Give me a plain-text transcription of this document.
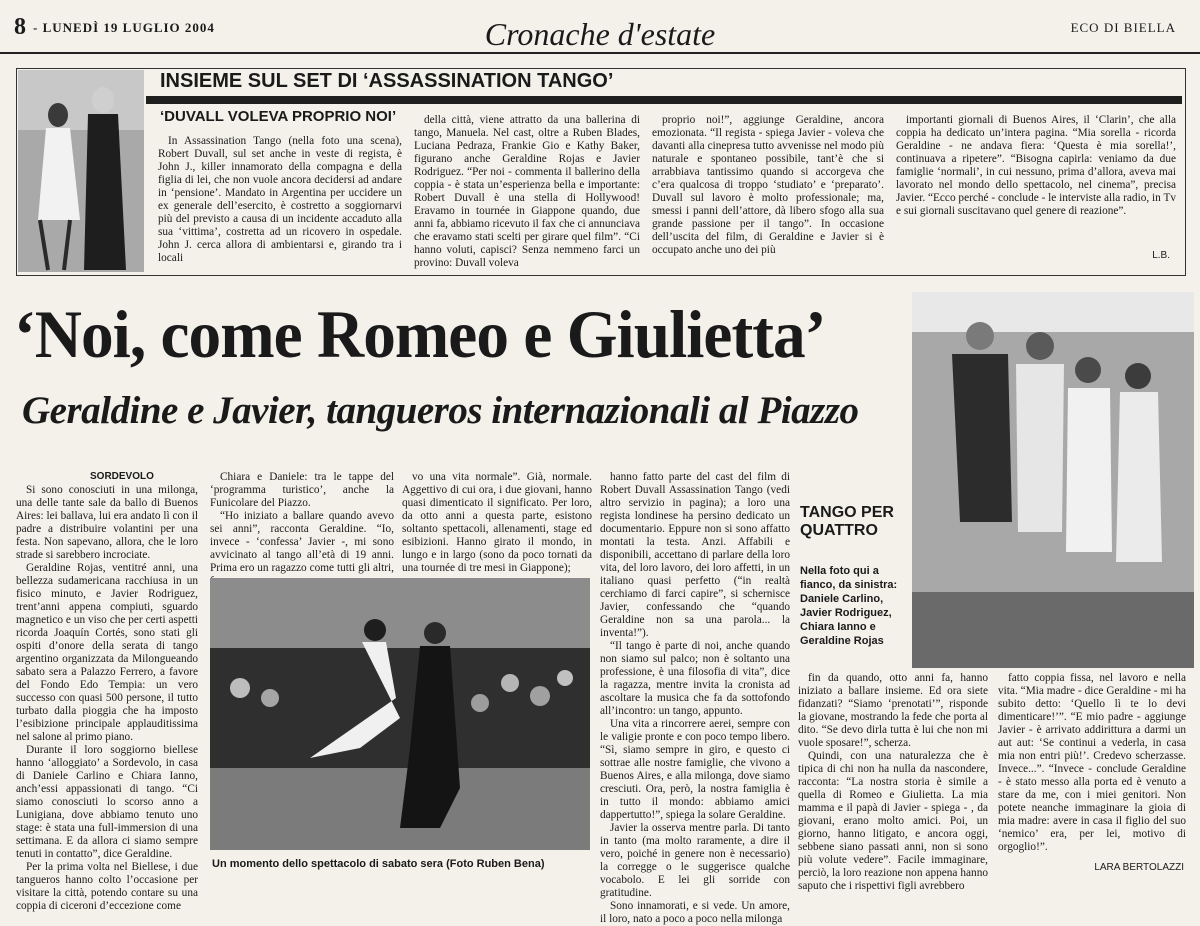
8 - LUNEDÌ 19 LUGLIO 2004	Cronache d'estate	ECO DI BIELLA
INSIEME SUL SET DI ‘ASSASSINATION TANGO’
‘DUVALL VOLEVA PROPRIO NOI’

In Assassination Tango (nella foto una scena), Robert Duvall, sul set anche in veste di regista, è John J., killer innamorato della compagna e della figlia di lei, che non vuole ancora decidersi ad andare in ‘pensione’. Mandato in Argentina per uccidere un ex generale dell’esercito, è costretto a soggiornarvi più del previsto a causa di un incidente accaduto alla sua ‘vittima’, costretta ad un ricovero in ospedale. John J. cerca allora di ambientarsi e, girando tra i locali

della città, viene attratto da una ballerina di tango, Manuela. Nel cast, oltre a Ruben Blades, Luciana Pedraza, Frankie Gio e Kathy Baker, figurano anche Geraldine Rojas e Javier Rodriguez. “Per noi - commenta il ballerino della coppia - è stata un’esperienza bella e importante: Robert Duvall è una stella di Hollywood! Eravamo in tournée in Giappone quando, due anni fa, abbiamo ricevuto il fax che ci annunciava che eravamo stati scelti per girare quel film”. “Ci hanno voluti, capisci? Senza nemmeno farci un provino: Duvall voleva

proprio noi!”, aggiunge Geraldine, ancora emozionata. “Il regista - spiega Javier - voleva che davanti alla cinepresa tutto avvenisse nel modo più naturale e spontaneo possibile, tant’è che si arrabbiava tantissimo quando si accorgeva che c’era qualcosa di troppo ‘studiato’ e ‘preparato’. Duvall sul lavoro è molto professionale; ma, smessi i panni dell’attore, dà libero sfogo alla sua grande passione per il tango”. In occasione dell’uscita del film, di Geraldine e Javier si è occupato anche uno dei più

importanti giornali di Buenos Aires, il ‘Clarin’, che alla coppia ha dedicato un’intera pagina. “Mia sorella - ricorda Geraldine - ne andava fiera: ‘Questa è mia sorella!’, continuava a ripetere”. “Bisogna capirla: veniamo da due famiglie ‘normali’, in cui nessuno, prima d’allora, aveva mai lavorato nel mondo dello spettacolo, nel cinema”, precisa Javier. “Ecco perché - conclude - le interviste alla radio, in Tv e sui giornali suscitavano quel genere di reazione”.

L.B.
‘Noi, come Romeo e Giulietta’
Geraldine e Javier, tangueros internazionali al Piazzo
SORDEVOLO

Si sono conosciuti in una milonga, una delle tante sale da ballo di Buenos Aires: lei ballava, lui era andato lì con il padre a distribuire volantini per una festa. Non sapevano, allora, che le loro strade si sarebbero incrociate.

Geraldine Rojas, ventitré anni, una bellezza sudamericana racchiusa in un fisico minuto, e Javier Rodriguez, trent’anni appena compiuti, sguardo magnetico e un viso che per certi aspetti ricorda Joaquín Cortés, sono stati gli ospiti d’onore della serata di tango argentino organizzata da Milongueando sabato sera a Palazzo Ferrero, a favore del Fondo Edo Tempia: un vero successo con quasi 500 persone, il tutto turbato dalla pioggia che ha imposto l’esibizione principale applauditissima nel salone al primo piano.

Durante il loro soggiorno biellese hanno ‘alloggiato’ a Sordevolo, in casa di Daniele Carlino e Chiara Ianno, anch’essi appassionati di tango. “Ci siamo conosciuti lo scorso anno a Lunigiana, dove abbiamo tenuto uno stage: è stata una full-immersion di una settimana. E da allora ci siamo sempre tenuti in contatto”, dice Geraldine.

Per la prima volta nel Biellese, i due tangueros hanno colto l’occasione per visitare la città, potendo contare su una coppia di ciceroni d’eccezione come

Chiara e Daniele: tra le tappe del ‘programma turistico’, anche la Funicolare del Piazzo.

“Ho iniziato a ballare quando avevo sei anni”, racconta Geraldine. “Io, invece - ‘confessa’ Javier -, mi sono avvicinato al tango all’età di 19 anni. Prima ero un ragazzo come tutti gli altri,

vo una vita normale”. Già, normale. Aggettivo di cui ora, i due giovani, hanno quasi dimenticato il significato. Per loro, da otto anni a questa parte, esistono soltanto spettacoli, allenamenti, stage ed esibizioni. Hanno girato il mondo, in lungo e in largo (sono da poco tornati da una tournée di tre mesi in Giappone);

Un momento dello spettacolo di sabato sera (Foto Ruben Bena)

hanno fatto parte del cast del film di Robert Duvall Assassination Tango (vedi altro servizio in pagina); a loro una regista londinese ha persino dedicato un documentario. Eppure non si sono affatto montati la testa. Anzi. Affabili e disponibili, accettano di parlare della loro vita, del loro lavoro, dei loro affetti, in un italiano quasi perfetto (“in realtà cerchiamo di farci capire”, si schernisce Javier, confessando che “quando Geraldine non sa una parola... la inventa!”).

“Il tango è parte di noi, anche quando non siamo sul palco; non è soltanto una professione, è una filosofia di vita”, dice la ragazza, mentre invita la cronista ad ascoltare la musica che fa da sottofondo all’incontro: un tango, appunto.

Una vita a rincorrere aerei, sempre con le valigie pronte e con poco tempo libero. “Sì, siamo sempre in giro, e questo ci sottrae alle nostre famiglie, che vivono a Buenos Aires, e alla milonga, dove siamo cresciuti. Ora, però, la nostra famiglia è in tutto il mondo: abbiamo amici dappertutto!”, spiega la solare Geraldine.

Javier la osserva mentre parla. Di tanto in tanto (ma molto raramente, a dire il vero, poiché in genere non è necessario) la corregge o le suggerisce qualche vocabolo. E lei gli sorride con gratitudine.

Sono innamorati, e si vede. Un amore, il loro, nato a poco a poco nella milonga

TANGO PER QUATTRO
Nella foto qui a fianco, da sinistra: Daniele Carlino, Javier Rodriguez, Chiara Ianno e Geraldine Rojas

fin da quando, otto anni fa, hanno iniziato a ballare insieme. Ed ora siete fidanzati? “Siamo ‘prenotati’”, risponde la giovane, mostrando la fede che porta al dito. “Se devo dirla tutta è lui che non mi vuole sposare!”, scherza.

Quindi, con una naturalezza che è tipica di chi non ha nulla da nascondere, racconta: “La nostra storia è simile a quella di Romeo e Giulietta. La mia mamma e il papà di Javier - spiega - , da giovani, erano molto amici. Poi, un giorno, hanno litigato, e ancora oggi, sebbene siano passati anni, non si sono più volute vedere”. Facile immaginare, perciò, la loro reazione non appena hanno saputo che i rispettivi figli avrebbero

fatto coppia fissa, nel lavoro e nella vita. “Mia madre - dice Geraldine - mi ha subito detto: ‘Quello lì te lo devi dimenticare!’”. “E mio padre - aggiunge Javier - è arrivato addirittura a darmi un aut aut: ‘Se continui a vederla, in casa mia non entri più!’. Credevo scherzasse. Invece...”. “Invece - conclude Geraldine - è stato messo alla porta ed è venuto a stare da me, con i miei genitori. Non potete neanche immaginare la gioia di mia madre: avere in casa il figlio del suo ‘nemico’ era, per lei, motivo di orgoglio!”.

LARA BERTOLAZZI
